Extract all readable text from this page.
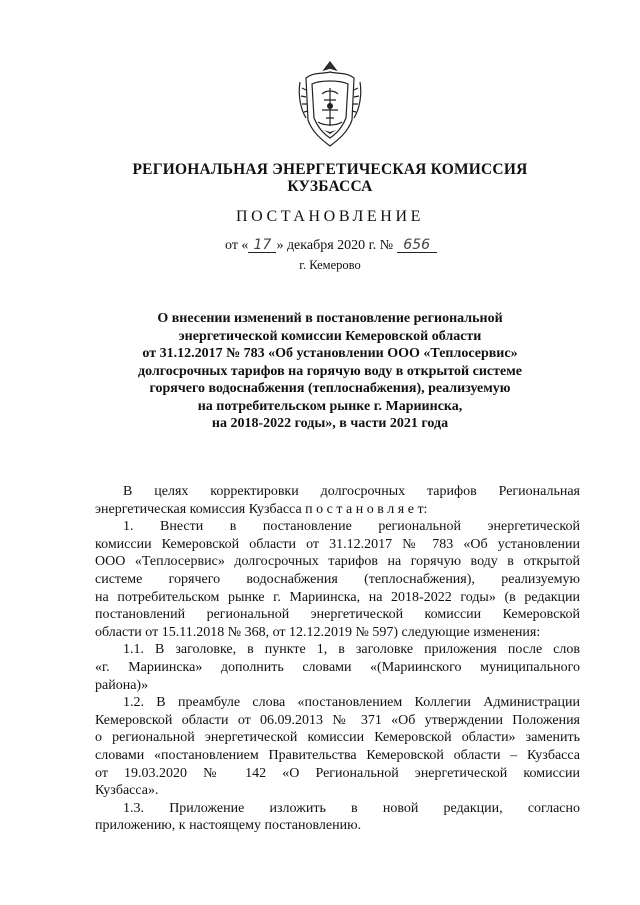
РЕГИОНАЛЬНАЯ ЭНЕРГЕТИЧЕСКАЯ КОМИССИЯ
КУЗБАССА
ПОСТАНОВЛЕНИЕ
от « 17 » декабря 2020 г. № 656
г. Кемерово
О внесении изменений в постановление региональной
энергетической комиссии Кемеровской области
от 31.12.2017 № 783 «Об установлении ООО «Теплосервис»
долгосрочных тарифов на горячую воду в открытой системе
горячего водоснабжения (теплоснабжения), реализуемую
на потребительском рынке г. Мариинска,
на 2018-2022 годы», в части 2021 года
В целях корректировки долгосрочных тарифов Региональная
энергетическая комиссия Кузбасса п о с т а н о в л я е т:
1. Внести в постановление региональной энергетической
комиссии Кемеровской области от 31.12.2017 № 783 «Об установлении
ООО «Теплосервис» долгосрочных тарифов на горячую воду в открытой
системе горячего водоснабжения (теплоснабжения), реализуемую
на потребительском рынке г. Мариинска, на 2018-2022 годы» (в редакции
постановлений региональной энергетической комиссии Кемеровской
области от 15.11.2018 № 368, от 12.12.2019 № 597) следующие изменения:
1.1. В заголовке, в пункте 1, в заголовке приложения после слов
«г. Мариинска» дополнить словами «(Мариинского муниципального
района)»
1.2. В преамбуле слова «постановлением Коллегии Администрации
Кемеровской области от 06.09.2013 № 371 «Об утверждении Положения
о региональной энергетической комиссии Кемеровской области» заменить
словами «постановлением Правительства Кемеровской области – Кузбасса
от 19.03.2020 № 142 «О Региональной энергетической комиссии
Кузбасса».
1.3. Приложение изложить в новой редакции, согласно
приложению, к настоящему постановлению.
